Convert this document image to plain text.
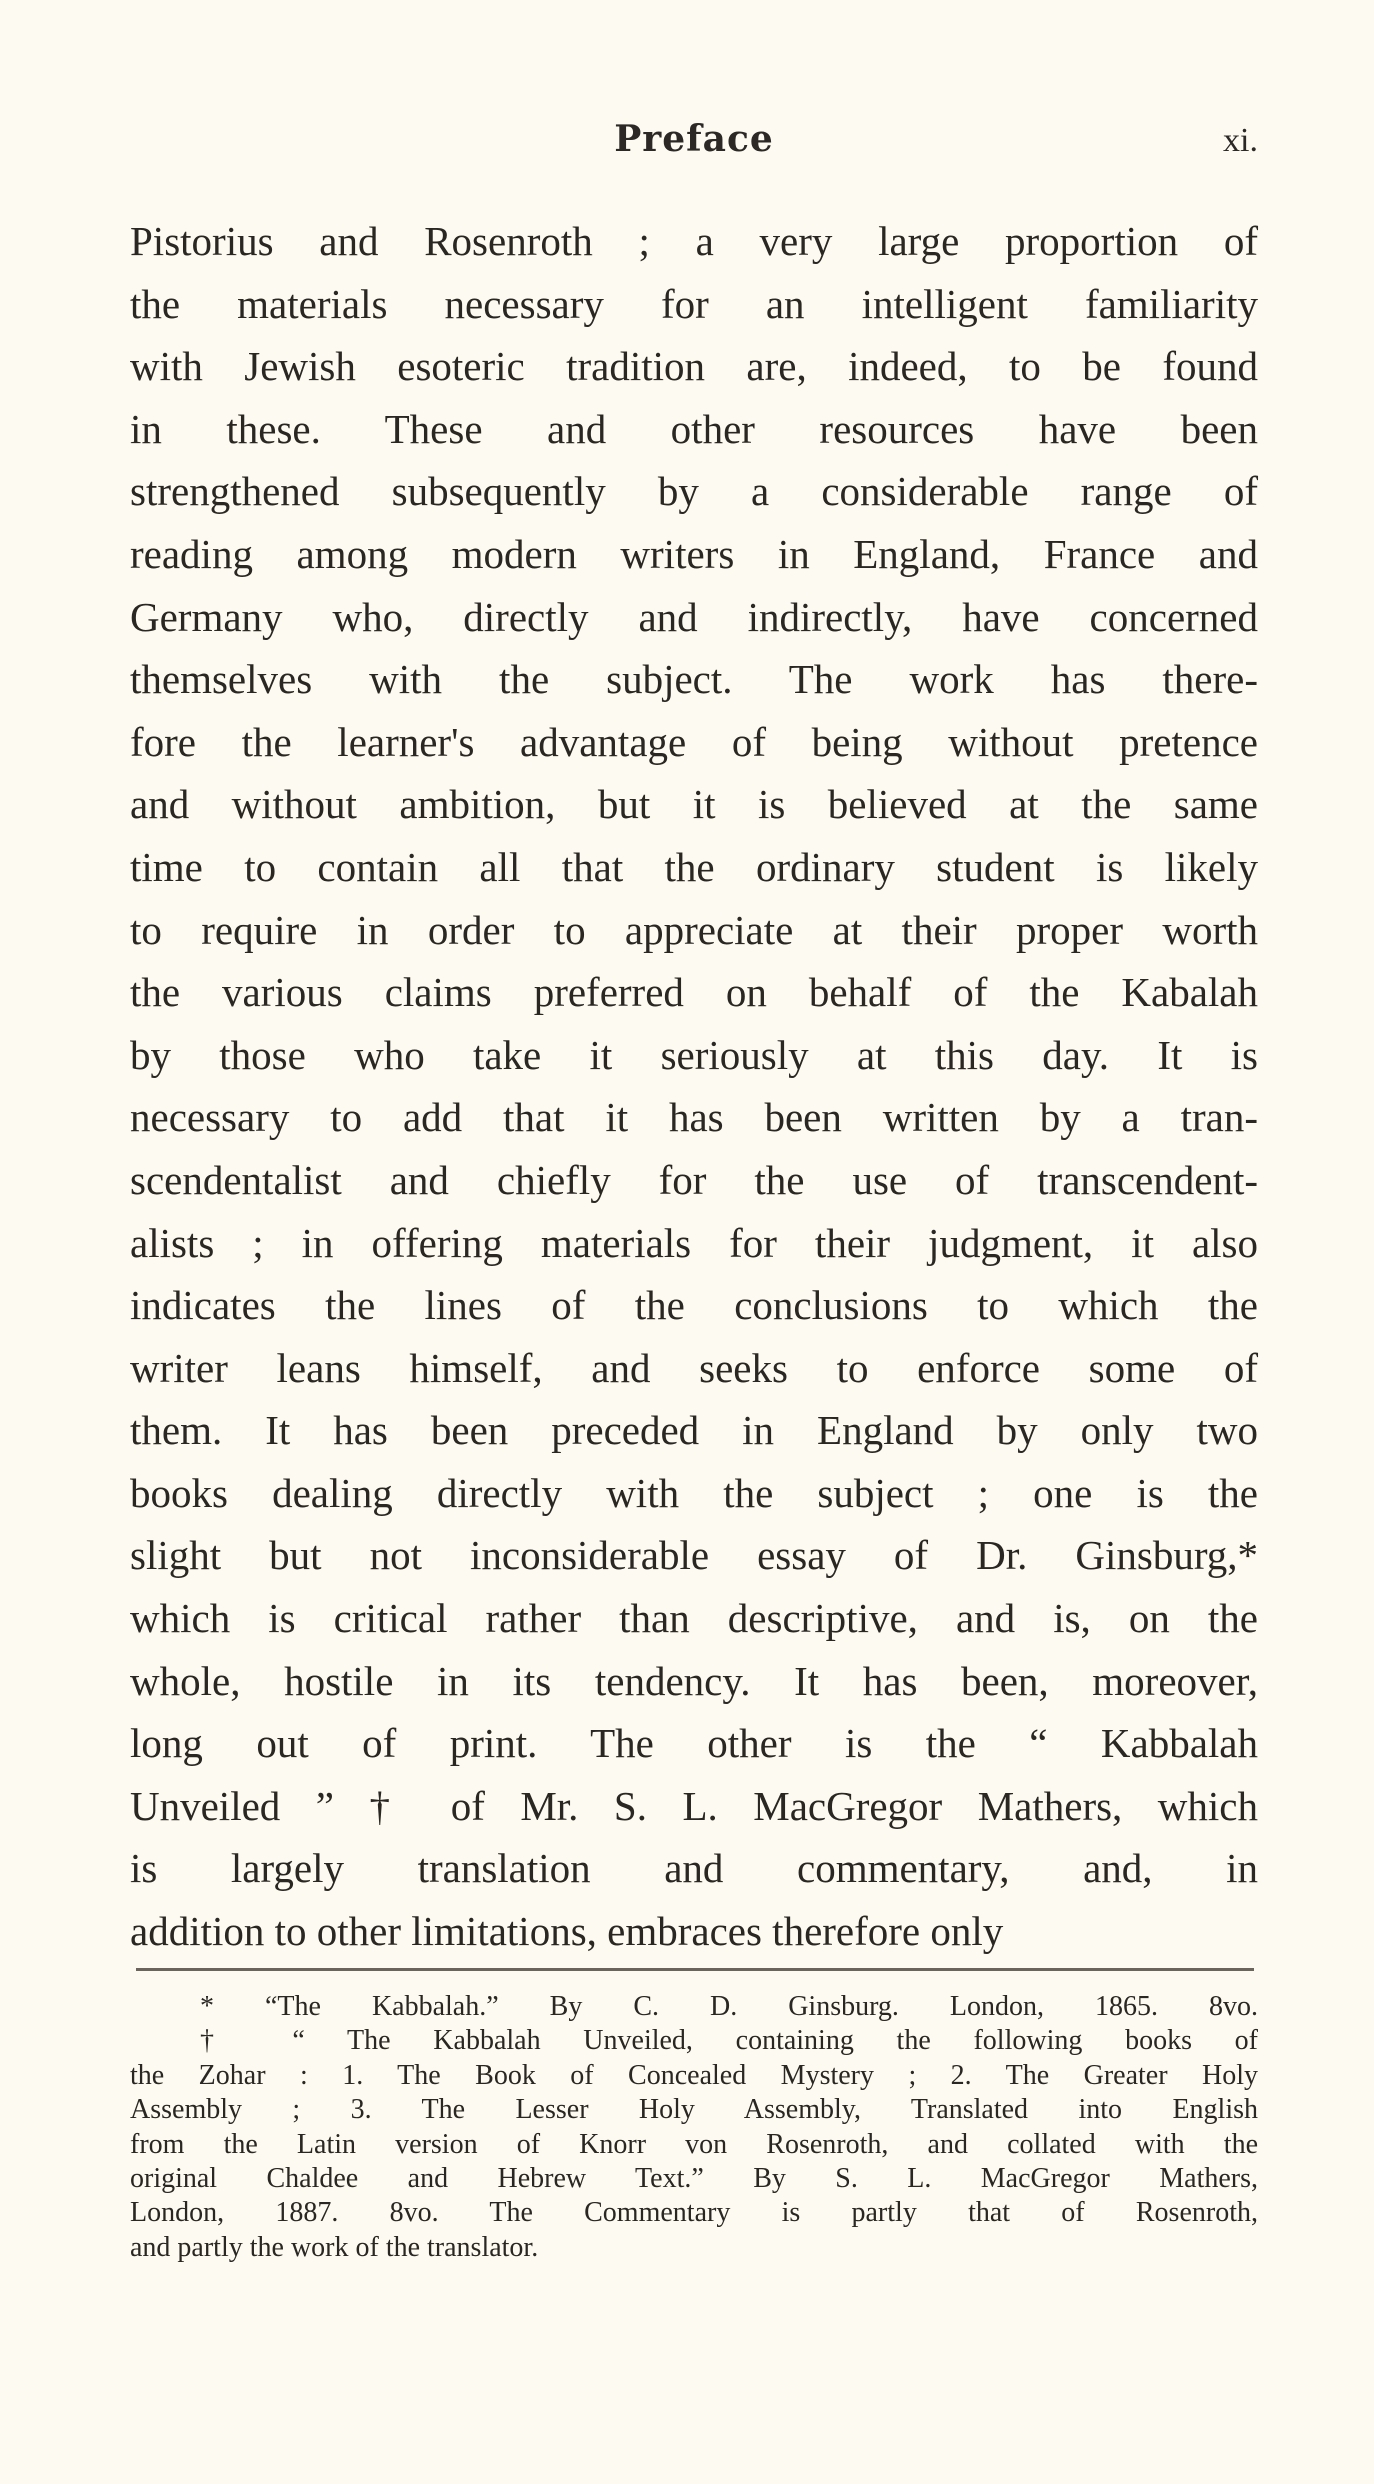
Preface	xi.
Pistorius and Rosenroth ; a very large proportion of
the materials necessary for an intelligent familiarity
with Jewish esoteric tradition are, indeed, to be found
in these. These and other resources have been
strengthened subsequently by a considerable range of
reading among modern writers in England, France and
Germany who, directly and indirectly, have concerned
themselves with the subject. The work has there-
fore the learner's advantage of being without pretence
and without ambition, but it is believed at the same
time to contain all that the ordinary student is likely
to require in order to appreciate at their proper worth
the various claims preferred on behalf of the Kabalah
by those who take it seriously at this day. It is
necessary to add that it has been written by a tran-
scendentalist and chiefly for the use of transcendent-
alists ; in offering materials for their judgment, it also
indicates the lines of the conclusions to which the
writer leans himself, and seeks to enforce some of
them. It has been preceded in England by only two
books dealing directly with the subject ; one is the
slight but not inconsiderable essay of Dr. Ginsburg,*
which is critical rather than descriptive, and is, on the
whole, hostile in its tendency. It has been, moreover,
long out of print. The other is the “ Kabbalah
Unveiled ” † of Mr. S. L. MacGregor Mathers, which
is largely translation and commentary, and, in
addition to other limitations, embraces therefore only
* “The Kabbalah.” By C. D. Ginsburg. London, 1865. 8vo.
† “ The Kabbalah Unveiled, containing the following books of
the Zohar : 1. The Book of Concealed Mystery ; 2. The Greater Holy
Assembly ; 3. The Lesser Holy Assembly, Translated into English
from the Latin version of Knorr von Rosenroth, and collated with the
original Chaldee and Hebrew Text.” By S. L. MacGregor Mathers,
London, 1887. 8vo. The Commentary is partly that of Rosenroth,
and partly the work of the translator.
